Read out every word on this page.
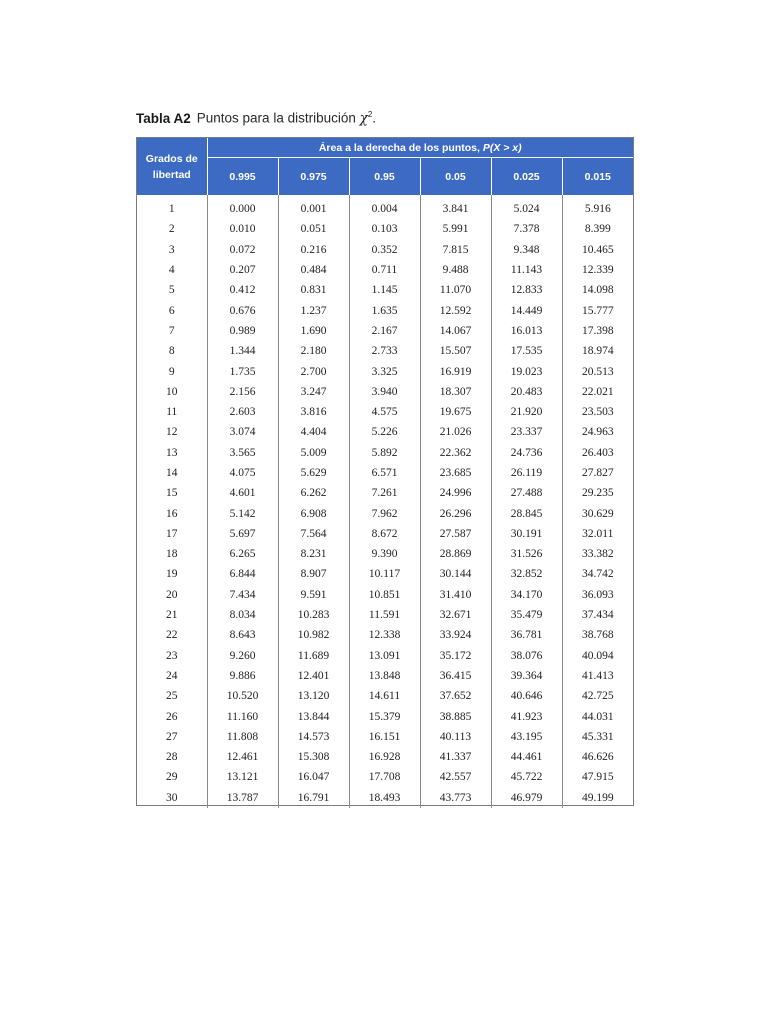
Tabla A2 Puntos para la distribución $\chi^2$.
Grados de
libertad	Área a la derecha de los puntos, P(X > x)					
	0.995	0.975	0.95	0.05	0.025	0.015
1	0.000	0.001	0.004	3.841	5.024	5.916
2	0.010	0.051	0.103	5.991	7.378	8.399
3	0.072	0.216	0.352	7.815	9.348	10.465
4	0.207	0.484	0.711	9.488	11.143	12.339
5	0.412	0.831	1.145	11.070	12.833	14.098
6	0.676	1.237	1.635	12.592	14.449	15.777
7	0.989	1.690	2.167	14.067	16.013	17.398
8	1.344	2.180	2.733	15.507	17.535	18.974
9	1.735	2.700	3.325	16.919	19.023	20.513
10	2.156	3.247	3.940	18.307	20.483	22.021
11	2.603	3.816	4.575	19.675	21.920	23.503
12	3.074	4.404	5.226	21.026	23.337	24.963
13	3.565	5.009	5.892	22.362	24.736	26.403
14	4.075	5.629	6.571	23.685	26.119	27.827
15	4.601	6.262	7.261	24.996	27.488	29.235
16	5.142	6.908	7.962	26.296	28.845	30.629
17	5.697	7.564	8.672	27.587	30.191	32.011
18	6.265	8.231	9.390	28.869	31.526	33.382
19	6.844	8.907	10.117	30.144	32.852	34.742
20	7.434	9.591	10.851	31.410	34.170	36.093
21	8.034	10.283	11.591	32.671	35.479	37.434
22	8.643	10.982	12.338	33.924	36.781	38.768
23	9.260	11.689	13.091	35.172	38.076	40.094
24	9.886	12.401	13.848	36.415	39.364	41.413
25	10.520	13.120	14.611	37.652	40.646	42.725
26	11.160	13.844	15.379	38.885	41.923	44.031
27	11.808	14.573	16.151	40.113	43.195	45.331
28	12.461	15.308	16.928	41.337	44.461	46.626
29	13.121	16.047	17.708	42.557	45.722	47.915
30	13.787	16.791	18.493	43.773	46.979	49.199
